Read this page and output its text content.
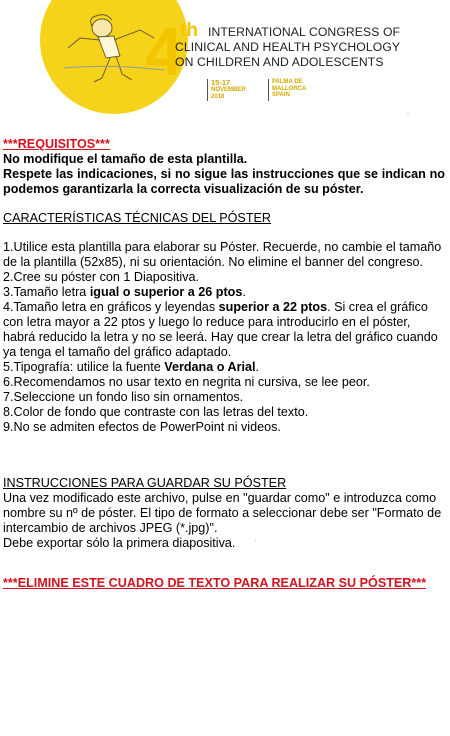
4
th INTERNATIONAL CONGRESS OF
CLINICAL AND HEALTH PSYCHOLOGY
ON CHILDREN AND ADOLESCENTS
15-17
NOVEMBER
2018
PALMA DE
MALLORCA
SPAIN

***REQUISITOS***

No modifique el tamaño de esta plantilla.

Respete las indicaciones, si no sigue las instrucciones que se indican no podemos garantizarla la correcta visualización de su póster.

CARACTERÍSTICAS TÉCNICAS DEL PÓSTER

1.Utilice esta plantilla para elaborar su Póster. Recuerde, no cambie el tamaño de la plantilla (52x85), ni su orientación. No elimine el banner del congreso.

2.Cree su póster con 1 Diapositiva.

3.Tamaño letra igual o superior a 26 ptos.

4.Tamaño letra en gráficos y leyendas superior a 22 ptos. Si crea el gráfico con letra mayor a 22 ptos y luego lo reduce para introducirlo en el póster, habrá reducido la letra y no se leerá. Hay que crear la letra del gráfico cuando ya tenga el tamaño del gráfico adaptado.

5.Tipografía: utilice la fuente Verdana o Arial.

6.Recomendamos no usar texto en negrita ni cursiva, se lee peor.

7.Seleccione un fondo liso sin ornamentos.

8.Color de fondo que contraste con las letras del texto.

9.No se admiten efectos de PowerPoint ni videos.

INSTRUCCIONES PARA GUARDAR SU PÓSTER

Una vez modificado este archivo, pulse en "guardar como" e introduzca como nombre su nº de póster. El tipo de formato a seleccionar debe ser "Formato de intercambio de archivos JPEG (*.jpg)".

Debe exportar sólo la primera diapositiva.

***ELIMINE ESTE CUADRO DE TEXTO PARA REALIZAR SU PÓSTER***
